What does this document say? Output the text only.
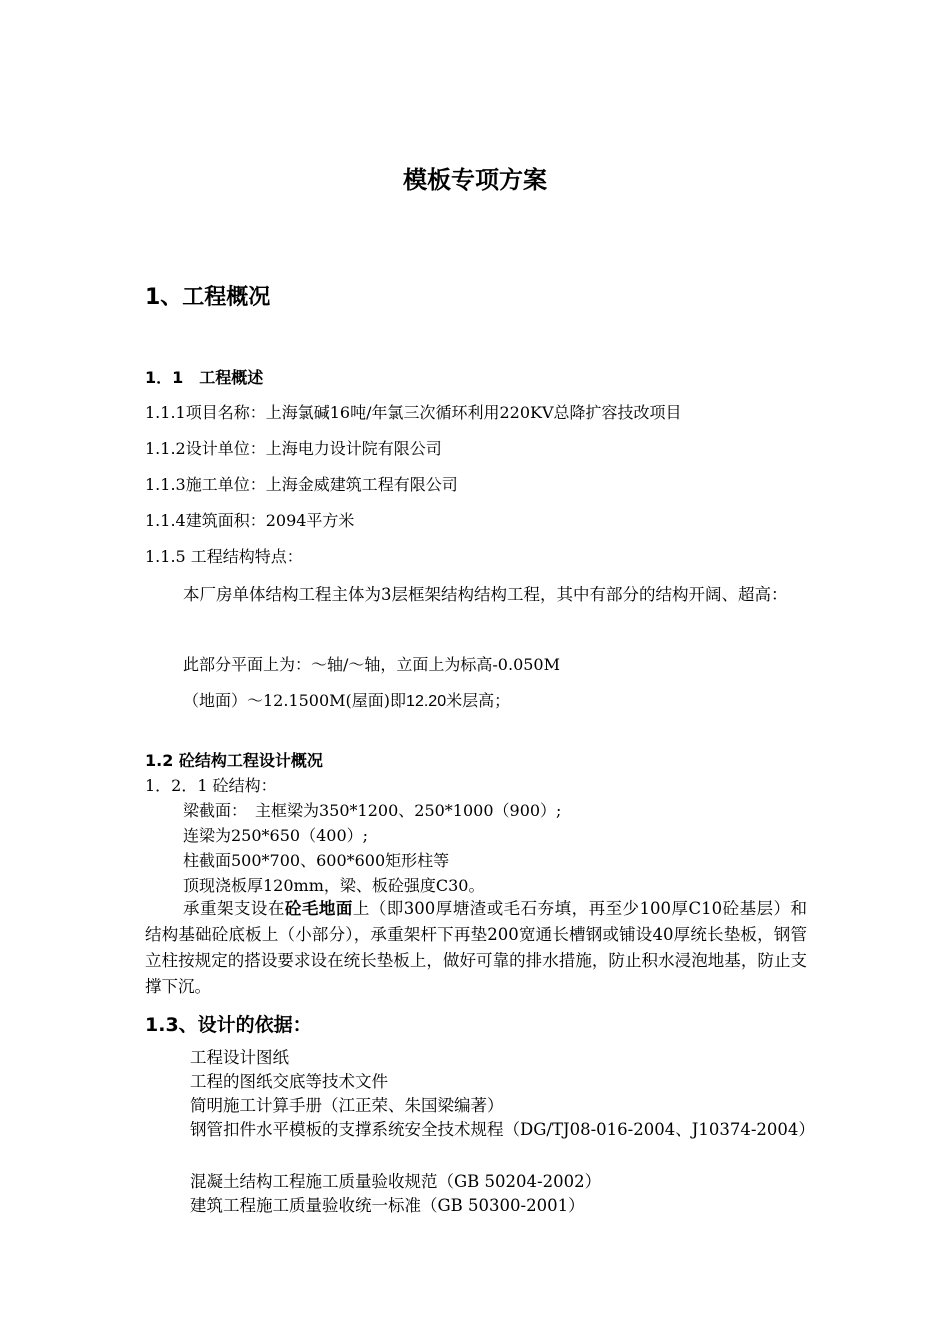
模板专项方案
1、工程概况
1．1　工程概述
1.1.1项目名称：上海氯碱16吨/年氯三次循环利用220KV总降扩容技改项目
1.1.2设计单位：上海电力设计院有限公司
1.1.3施工单位：上海金威建筑工程有限公司
1.1.4建筑面积：2094平方米
1.1.5 工程结构特点：
本厂房单体结构工程主体为3层框架结构结构工程，其中有部分的结构开阔、超高：
此部分平面上为：～轴/～轴，立面上为标高-0.050M
（地面）～12.1500M(屋面)即12.20米层高；
1.2 砼结构工程设计概况
1．2．1 砼结构：
梁截面：　主框梁为350*1200、250*1000（900）;
连梁为250*650（400）;
柱截面500*700、600*600矩形柱等
顶现浇板厚120mm，梁、板砼强度C30。
承重架支设在砼毛地面上（即300厚塘渣或毛石夯填，再至少100厚C10砼基层）和结构基础砼底板上（小部分），承重架杆下再垫200宽通长槽钢或铺设40厚统长垫板，钢管立柱按规定的搭设要求设在统长垫板上，做好可靠的排水措施，防止积水浸泡地基，防止支撑下沉。
1.3、设计的依据：
工程设计图纸
工程的图纸交底等技术文件
简明施工计算手册（江正荣、朱国梁编著）
钢管扣件水平模板的支撑系统安全技术规程（DG/TJ08-016-2004、J10374-2004）
混凝土结构工程施工质量验收规范（GB 50204-2002）
建筑工程施工质量验收统一标准（GB 50300-2001）
